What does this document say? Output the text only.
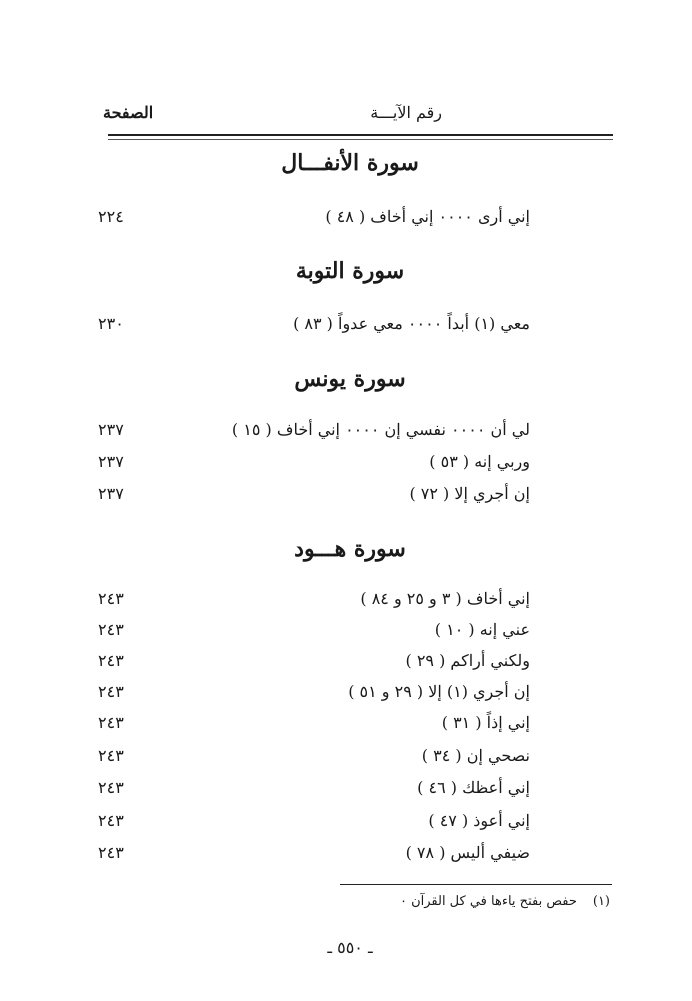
الصفحة	رقم الآيـــة
سورة الأنفـــال
إني أرى ٠٠٠٠ إني أخاف ( ٤٨ )
٢٢٤
سورة التوبة
معي (١) أبداً ٠٠٠٠ معي عدواً ( ٨٣ )
٢٣٠
سورة يونس
لي أن ٠٠٠٠ نفسي إن ٠٠٠٠ إني أخاف ( ١٥ )
٢٣٧
وربي إنه ( ٥٣ )
٢٣٧
إن أجري إلا ( ٧٢ )
٢٣٧
سورة هـــود
إني أخاف ( ٣ و ٢٥ و ٨٤ )
٢٤٣
عني إنه ( ١٠ )
٢٤٣
ولكني أراكم ( ٢٩ )
٢٤٣
إن أجري (١) إلا ( ٢٩ و ٥١ )
٢٤٣
إني إذاً ( ٣١ )
٢٤٣
نصحي إن ( ٣٤ )
٢٤٣
إني أعظك ( ٤٦ )
٢٤٣
إني أعوذ ( ٤٧ )
٢٤٣
ضيفي أليس ( ٧٨ )
٢٤٣
(١)حفص بفتح ياءها في كل القرآن ٠
ـ ٥٥٠ ـ
